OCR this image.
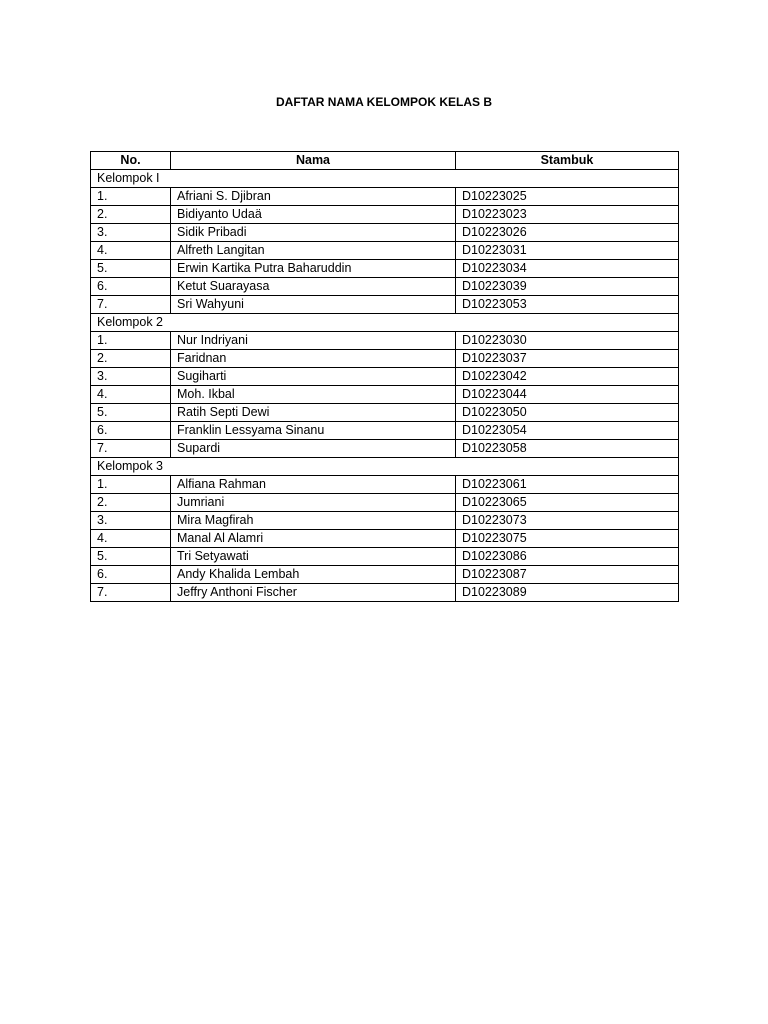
DAFTAR NAMA KELOMPOK KELAS B
No.	Nama	Stambuk
Kelompok I		
1.	Afriani S. Djibran	D10223025
2.	Bidiyanto Udaä	D10223023
3.	Sidik Pribadi	D10223026
4.	Alfreth Langitan	D10223031
5.	Erwin Kartika Putra Baharuddin	D10223034
6.	Ketut Suarayasa	D10223039
7.	Sri Wahyuni	D10223053
Kelompok 2		
1.	Nur Indriyani	D10223030
2.	Faridnan	D10223037
3.	Sugiharti	D10223042
4.	Moh. Ikbal	D10223044
5.	Ratih Septi Dewi	D10223050
6.	Franklin Lessyama Sinanu	D10223054
7.	Supardi	D10223058
Kelompok 3		
1.	Alfiana Rahman	D10223061
2.	Jumriani	D10223065
3.	Mira Magfirah	D10223073
4.	Manal Al Alamri	D10223075
5.	Tri Setyawati	D10223086
6.	Andy Khalida Lembah	D10223087
7.	Jeffry Anthoni Fischer	D10223089
